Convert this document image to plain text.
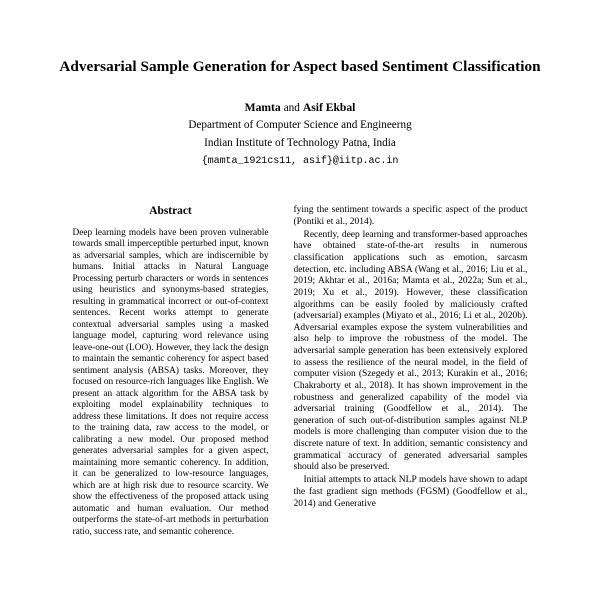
Adversarial Sample Generation for Aspect based Sentiment Classification
Mamta and Asif Ekbal
Department of Computer Science and Engineerng
Indian Institute of Technology Patna, India
{mamta_1921cs11, asif}@iitp.ac.in
Abstract

Deep learning models have been proven vulnerable towards small imperceptible perturbed input, known as adversarial samples, which are indiscernible by humans. Initial attacks in Natural Language Processing perturb characters or words in sentences using heuristics and synonyms-based strategies, resulting in grammatical incorrect or out-of-context sentences. Recent works attempt to generate contextual adversarial samples using a masked language model, capturing word relevance using leave-one-out (LOO). However, they lack the design to maintain the semantic coherency for aspect based sentiment analysis (ABSA) tasks. Moreover, they focused on resource-rich languages like English. We present an attack algorithm for the ABSA task by exploiting model explainability techniques to address these limitations. It does not require access to the training data, raw access to the model, or calibrating a new model. Our proposed method generates adversarial samples for a given aspect, maintaining more semantic coherency. In addition, it can be generalized to low-resource languages, which are at high risk due to resource scarcity. We show the effectiveness of the proposed attack using automatic and human evaluation. Our method outperforms the state-of-art methods in perturbation ratio, success rate, and semantic coherence.

fying the sentiment towards a specific aspect of the product (Pontiki et al., 2014).

Recently, deep learning and transformer-based approaches have obtained state-of-the-art results in numerous classification applications such as emotion, sarcasm detection, etc. including ABSA (Wang et al., 2016; Liu et al., 2019; Akhtar et al., 2016a; Mamta et al., 2022a; Sun et al., 2019; Xu et al., 2019). However, these classification algorithms can be easily fooled by maliciously crafted (adversarial) examples (Miyato et al., 2016; Li et al., 2020b). Adversarial examples expose the system vulnerabilities and also help to improve the robustness of the model. The adversarial sample generation has been extensively explored to assess the resilience of the neural model, in the field of computer vision (Szegedy et al., 2013; Kurakin et al., 2016; Chakraborty et al., 2018). It has shown improvement in the robustness and generalized capability of the model via adversarial training (Goodfellow et al., 2014). The generation of such out-of-distribution samples against NLP models is more challenging than computer vision due to the discrete nature of text. In addition, semantic consistency and grammatical accuracy of generated adversarial samples should also be preserved.

Initial attempts to attack NLP models have shown to adapt the fast gradient sign methods (FGSM) (Goodfellow et al., 2014) and Generative
